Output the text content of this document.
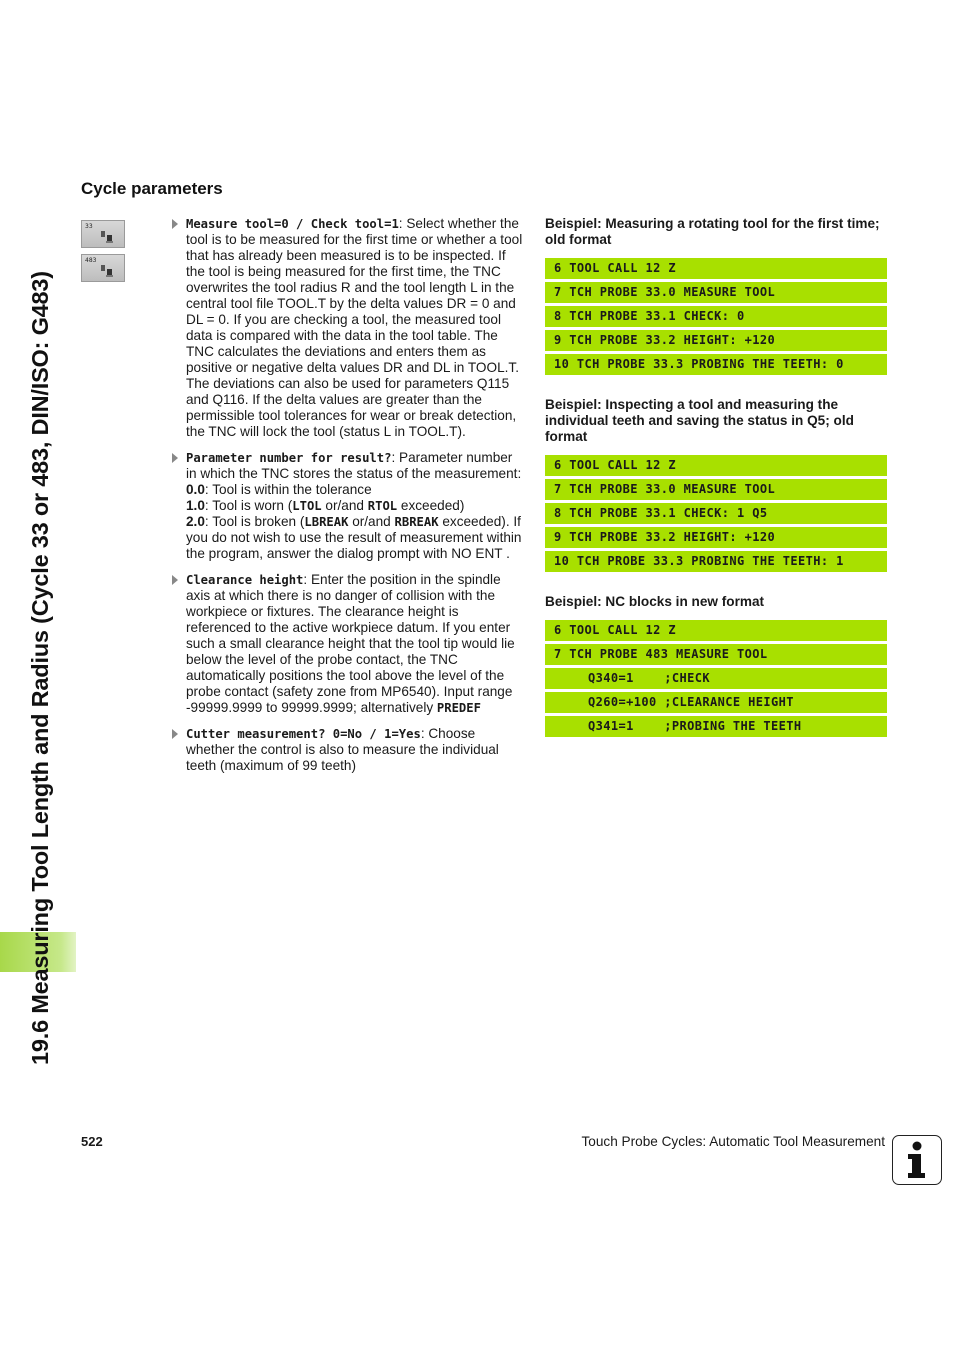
19.6 Measuring Tool Length and Radius (Cycle 33 or 483, DIN/ISO: G483)
Cycle parameters
33
483

Measure tool=0 / Check tool=1: Select whether the tool is to be measured for the first time or whether a tool that has already been measured is to be inspected. If the tool is being measured for the first time, the TNC overwrites the tool radius R and the tool length L in the central tool file TOOL.T by the delta values DR = 0 and DL = 0. If you are checking a tool, the measured tool data is compared with the data in the tool table. The TNC calculates the deviations and enters them as positive or negative delta values DR and DL in TOOL.T. The deviations can also be used for parameters Q115 and Q116. If the delta values are greater than the permissible tool tolerances for wear or break detection, the TNC will lock the tool (status L in TOOL.T).

Parameter number for result?: Parameter number in which the TNC stores the status of the measurement:

0.0: Tool is within the tolerance

1.0: Tool is worn (LTOL or/and RTOL exceeded)

2.0: Tool is broken (LBREAK or/and RBREAK exceeded). If you do not wish to use the result of measurement within the program, answer the dialog prompt with NO ENT .

Clearance height: Enter the position in the spindle axis at which there is no danger of collision with the workpiece or fixtures. The clearance height is referenced to the active workpiece datum. If you enter such a small clearance height that the tool tip would lie below the level of the probe contact, the TNC automatically positions the tool above the level of the probe contact (safety zone from MP6540). Input range -99999.9999 to 99999.9999; alternatively PREDEF

Cutter measurement? 0=No / 1=Yes: Choose whether the control is also to measure the individual teeth (maximum of 99 teeth)

Beispiel: Measuring a rotating tool for the first time; old format

6 TOOL CALL 12 Z
7 TCH PROBE 33.0 MEASURE TOOL
8 TCH PROBE 33.1 CHECK: 0
9 TCH PROBE 33.2 HEIGHT: +120
10 TCH PROBE 33.3 PROBING THE TEETH: 0

Beispiel: Inspecting a tool and measuring the individual teeth and saving the status in Q5; old format

6 TOOL CALL 12 Z
7 TCH PROBE 33.0 MEASURE TOOL
8 TCH PROBE 33.1 CHECK: 1 Q5
9 TCH PROBE 33.2 HEIGHT: +120
10 TCH PROBE 33.3 PROBING THE TEETH: 1

Beispiel: NC blocks in new format

6 TOOL CALL 12 Z
7 TCH PROBE 483 MEASURE TOOL
Q340=1    ;CHECK
Q260=+100 ;CLEARANCE HEIGHT
Q341=1    ;PROBING THE TEETH
522	Touch Probe Cycles: Automatic Tool Measurement
